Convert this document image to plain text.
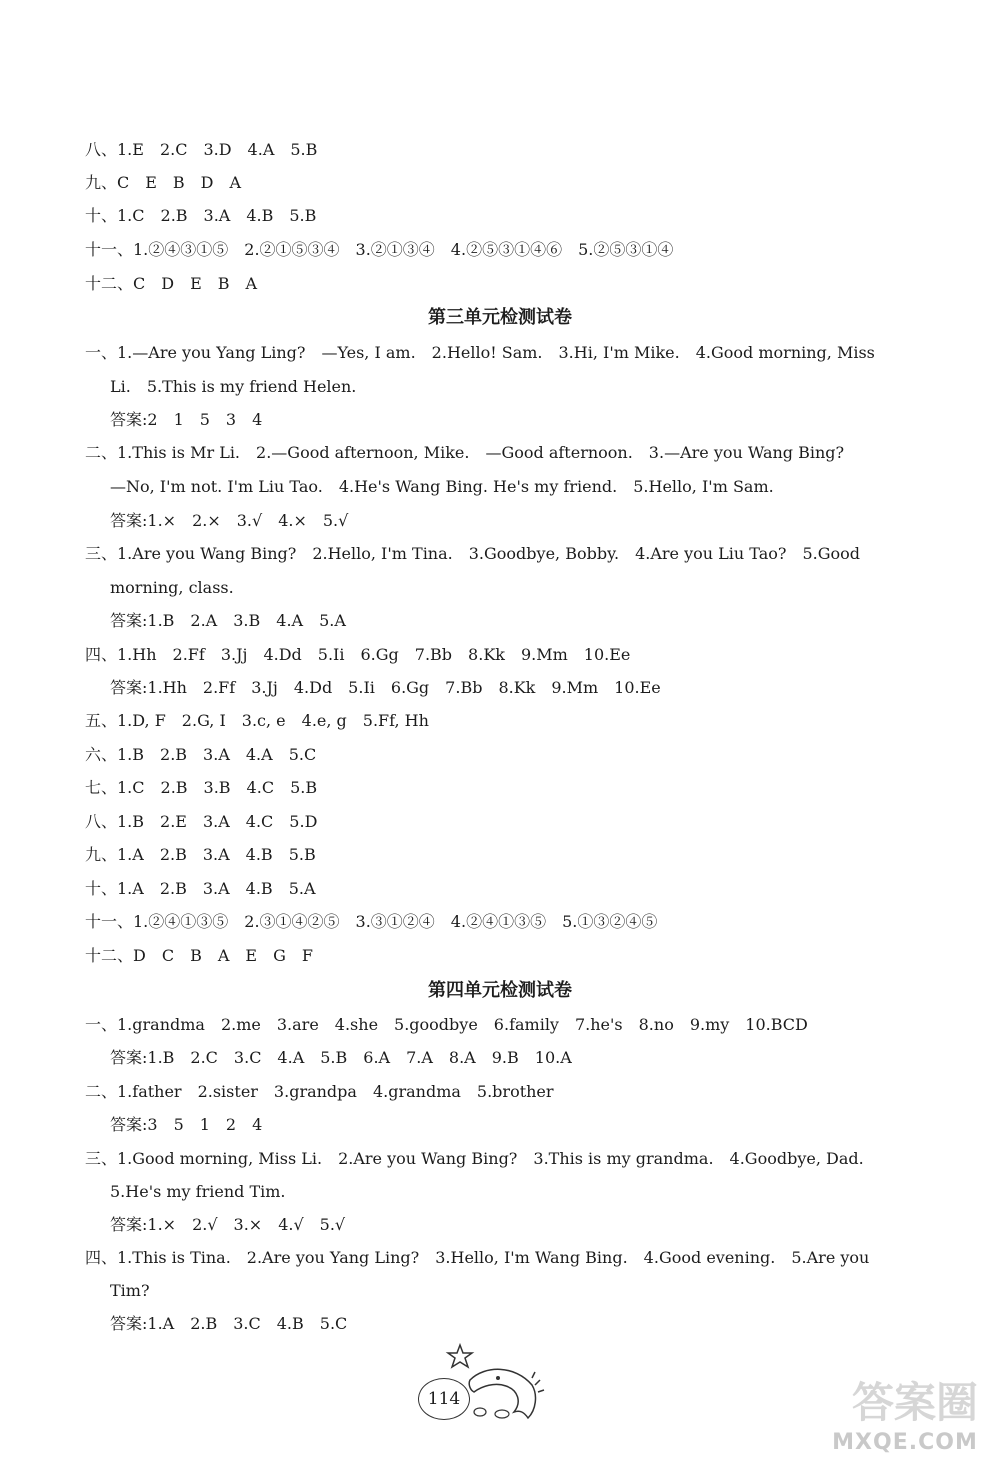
八、1.E　2.C　3.D　4.A　5.B
九、C　E　B　D　A
十、1.C　2.B　3.A　4.B　5.B
十一、1.②④③①⑤　2.②①⑤③④　3.②①③④　4.②⑤③①④⑥　5.②⑤③①④
十二、C　D　E　B　A
第三单元检测试卷
一、1.—Are you Yang Ling?　—Yes, I am.　2.Hello! Sam.　3.Hi, I'm Mike.　4.Good morning, Miss
Li.　5.This is my friend Helen.
答案:2　1　5　3　4
二、1.This is Mr Li.　2.—Good afternoon, Mike.　—Good afternoon.　3.—Are you Wang Bing?
—No, I'm not. I'm Liu Tao.　4.He's Wang Bing. He's my friend.　5.Hello, I'm Sam.
答案:1.×　2.×　3.√　4.×　5.√
三、1.Are you Wang Bing?　2.Hello, I'm Tina.　3.Goodbye, Bobby.　4.Are you Liu Tao?　5.Good
morning, class.
答案:1.B　2.A　3.B　4.A　5.A
四、1.Hh　2.Ff　3.Jj　4.Dd　5.Ii　6.Gg　7.Bb　8.Kk　9.Mm　10.Ee
答案:1.Hh　2.Ff　3.Jj　4.Dd　5.Ii　6.Gg　7.Bb　8.Kk　9.Mm　10.Ee
五、1.D, F　2.G, I　3.c, e　4.e, g　5.Ff, Hh
六、1.B　2.B　3.A　4.A　5.C
七、1.C　2.B　3.B　4.C　5.B
八、1.B　2.E　3.A　4.C　5.D
九、1.A　2.B　3.A　4.B　5.B
十、1.A　2.B　3.A　4.B　5.A
十一、1.②④①③⑤　2.③①④②⑤　3.③①②④　4.②④①③⑤　5.①③②④⑤
十二、D　C　B　A　E　G　F
第四单元检测试卷
一、1.grandma　2.me　3.are　4.she　5.goodbye　6.family　7.he's　8.no　9.my　10.BCD
答案:1.B　2.C　3.C　4.A　5.B　6.A　7.A　8.A　9.B　10.A
二、1.father　2.sister　3.grandpa　4.grandma　5.brother
答案:3　5　1　2　4
三、1.Good morning, Miss Li.　2.Are you Wang Bing?　3.This is my grandma.　4.Goodbye, Dad.
5.He's my friend Tim.
答案:1.×　2.√　3.×　4.√　5.√
四、1.This is Tina.　2.Are you Yang Ling?　3.Hello, I'm Wang Bing.　4.Good evening.　5.Are you
Tim?
答案:1.A　2.B　3.C　4.B　5.C
114	答案圈
MXQE.COM
